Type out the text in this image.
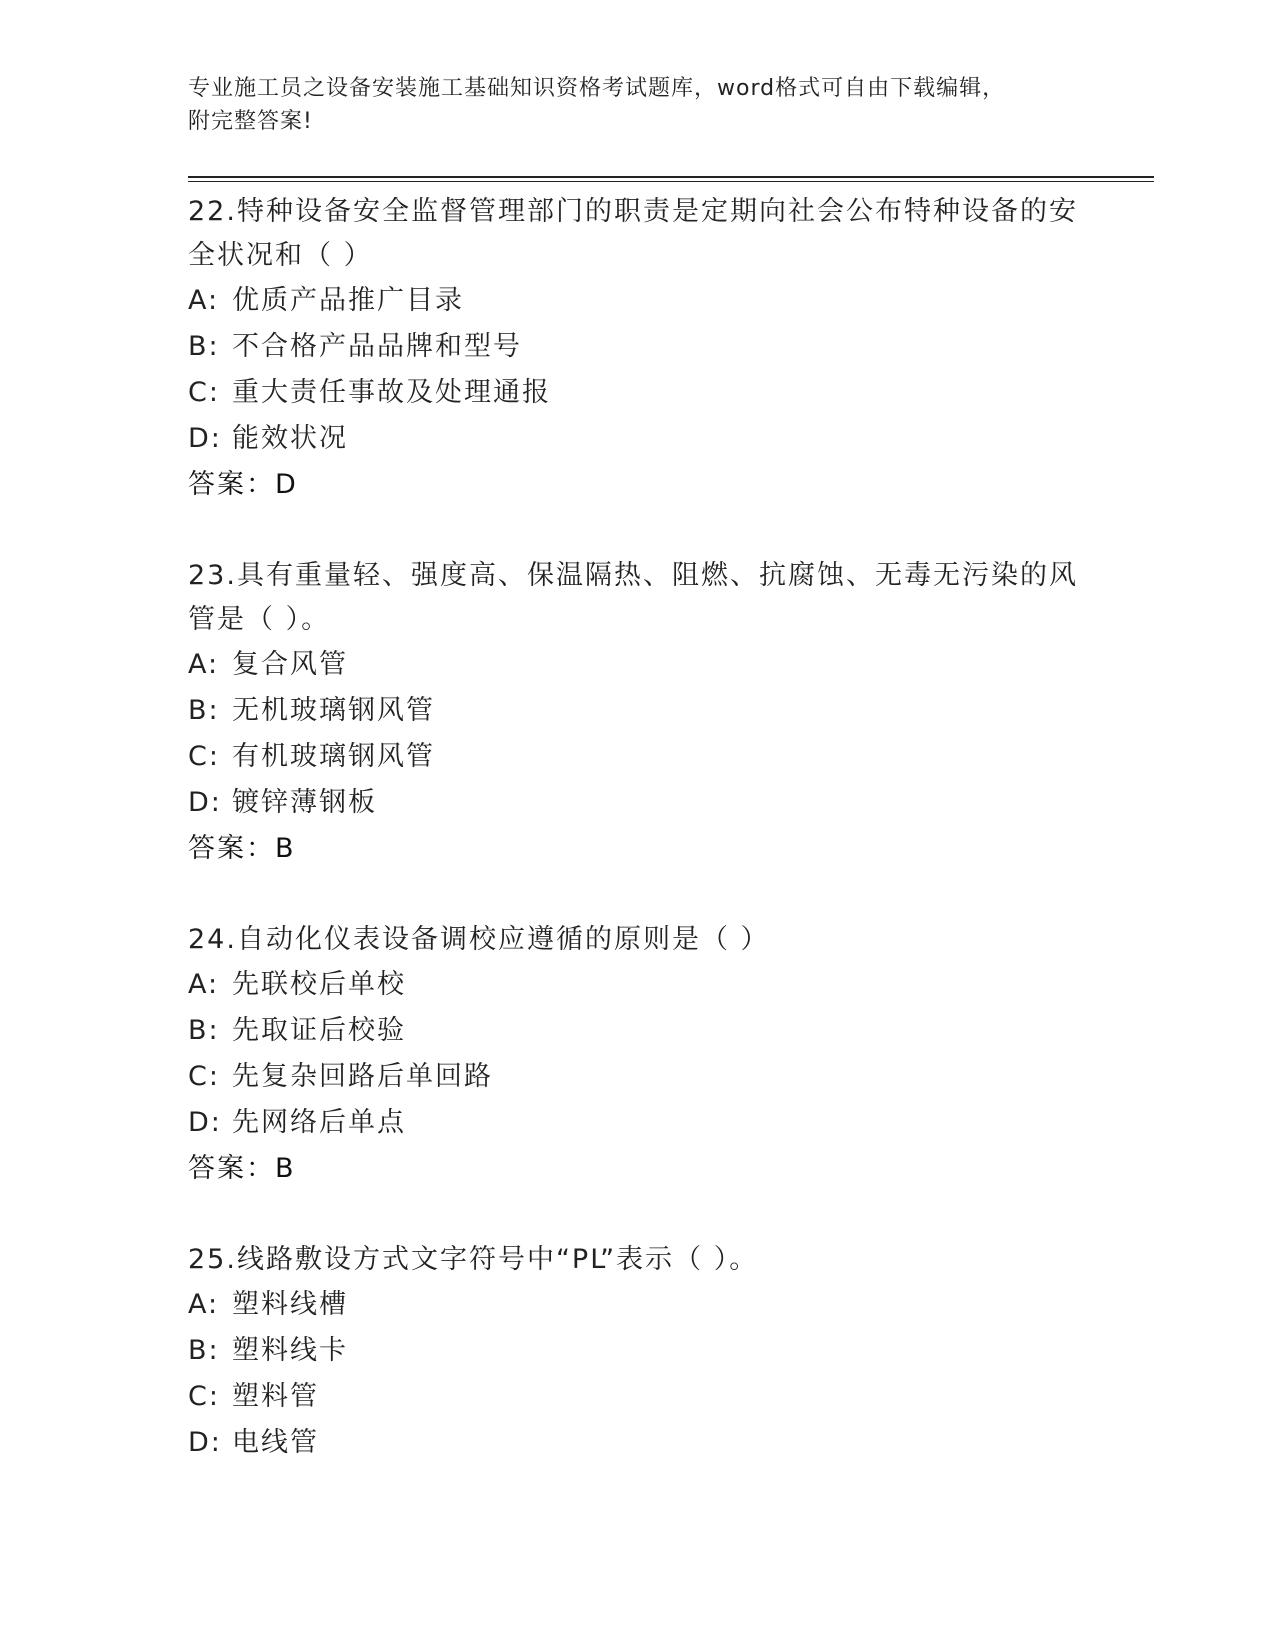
专业施工员之设备安装施工基础知识资格考试题库，word格式可自由下载编辑，
附完整答案!
22.特种设备安全监督管理部门的职责是定期向社会公布特种设备的安
全状况和（ ）
A: 优质产品推广目录
B: 不合格产品品牌和型号
C: 重大责任事故及处理通报
D: 能效状况
答案：D
23.具有重量轻、强度高、保温隔热、阻燃、抗腐蚀、无毒无污染的风
管是（ ）。
A: 复合风管
B: 无机玻璃钢风管
C: 有机玻璃钢风管
D: 镀锌薄钢板
答案：B
24.自动化仪表设备调校应遵循的原则是（ ）
A: 先联校后单校
B: 先取证后校验
C: 先复杂回路后单回路
D: 先网络后单点
答案：B
25.线路敷设方式文字符号中“PL”表示（ ）。
A: 塑料线槽
B: 塑料线卡
C: 塑料管
D: 电线管
